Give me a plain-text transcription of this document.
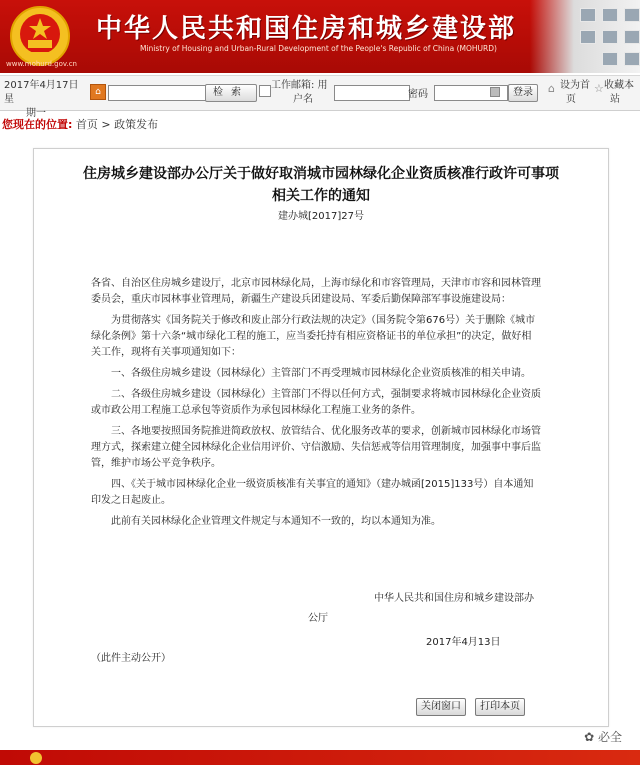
中华人民共和国住房和城乡建设部
Ministry of Housing and Urban-Rural Development of the People's Republic of China (MOHURD)
www.mohurd.gov.cn
2017年4月17日 星
期一
⌂	检索
工作邮箱: 用
户名	密码	登录	⌂ 设为首
页
☆ 收藏本
站
您现在的位置: 首页 > 政策发布
住房城乡建设部办公厅关于做好取消城市园林绿化企业资质核准行政许可事项
相关工作的通知
建办城[2017]27号

各省、自治区住房城乡建设厅，北京市园林绿化局，上海市绿化和市容管理局，天津市市容和园林管理委员会，重庆市园林事业管理局，新疆生产建设兵团建设局、军委后勤保障部军事设施建设局：

为贯彻落实《国务院关于修改和废止部分行政法规的决定》（国务院令第676号）关于删除《城市绿化条例》第十六条“城市绿化工程的施工，应当委托持有相应资格证书的单位承担”的决定，做好相关工作，现将有关事项通知如下：

一、各级住房城乡建设（园林绿化）主管部门不再受理城市园林绿化企业资质核准的相关申请。

二、各级住房城乡建设（园林绿化）主管部门不得以任何方式，强制要求将城市园林绿化企业资质或市政公用工程施工总承包等资质作为承包园林绿化工程施工业务的条件。

三、各地要按照国务院推进简政放权、放管结合、优化服务改革的要求，创新城市园林绿化市场管理方式，探索建立健全园林绿化企业信用评价、守信激励、失信惩戒等信用管理制度，加强事中事后监管，维护市场公平竞争秩序。

四、《关于城市园林绿化企业一级资质核准有关事宜的通知》（建办城函[2015]133号）自本通知印发之日起废止。

此前有关园林绿化企业管理文件规定与本通知不一致的，均以本通知为准。

中华人民共和国住房和城乡建设部办
公厅
2017年4月13日
（此件主动公开）
关闭窗口 打印本页
✿ 必全
